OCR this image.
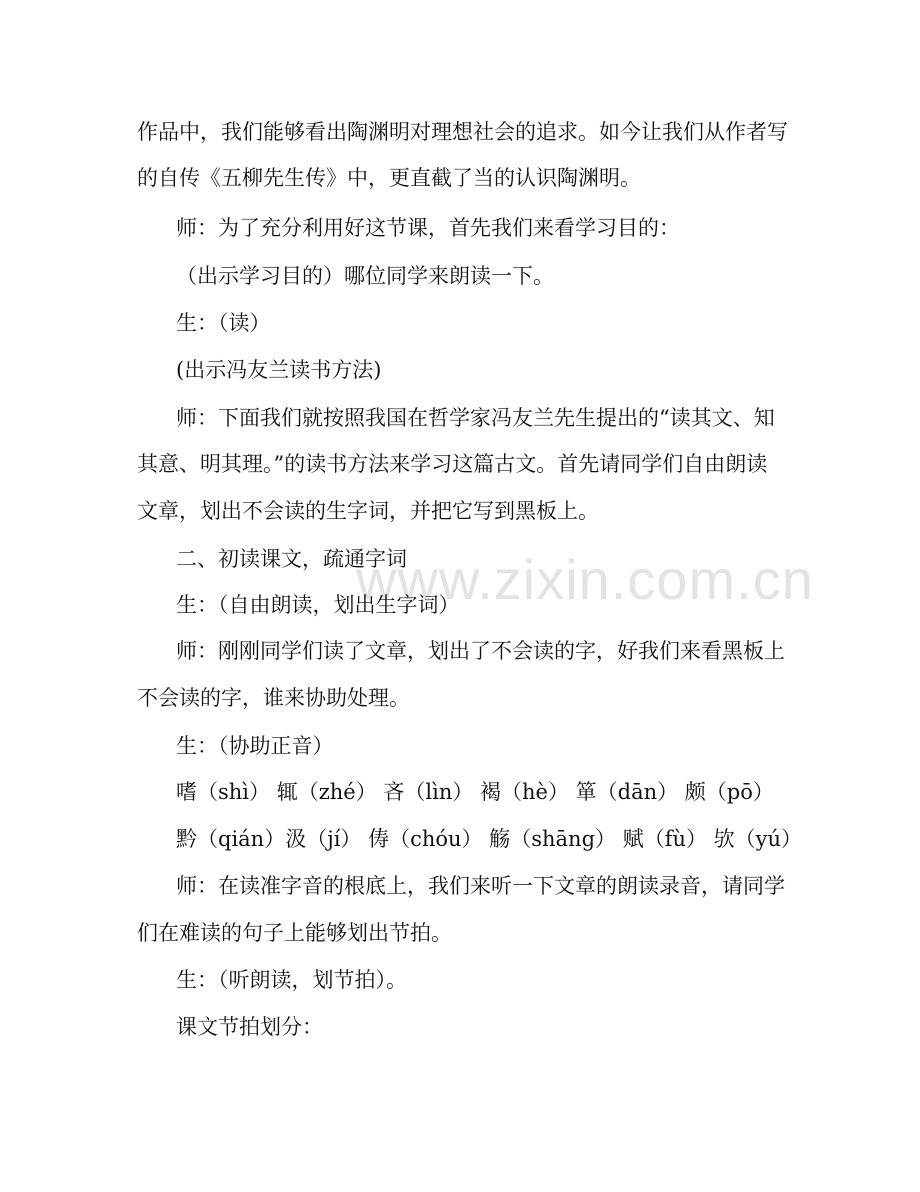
www.zixin.com.cn
作品中，我们能够看出陶渊明对理想社会的追求。如今让我们从作者写
的自传《五柳先生传》中，更直截了当的认识陶渊明。
师：为了充分利用好这节课，首先我们来看学习目的：
（出示学习目的）哪位同学来朗读一下。
生：（读）
(出示冯友兰读书方法)
师：下面我们就按照我国在哲学家冯友兰先生提出的“读其文、知
其意、明其理。”的读书方法来学习这篇古文。首先请同学们自由朗读
文章，划出不会读的生字词，并把它写到黑板上。
二、初读课文，疏通字词
生：（自由朗读，划出生字词）
师：刚刚同学们读了文章，划出了不会读的字，好我们来看黑板上
不会读的字，谁来协助处理。
生：（协助正音）
嗜（shì） 辄（zhé） 吝（lìn） 褐（hè） 箪（dān） 颇（pō）
黔（qián）汲（jí） 俦（chóu） 觞（shāng） 赋（fù） 欤（yú）
师：在读准字音的根底上，我们来听一下文章的朗读录音，请同学
们在难读的句子上能够划出节拍。
生：（听朗读，划节拍）。
课文节拍划分：
